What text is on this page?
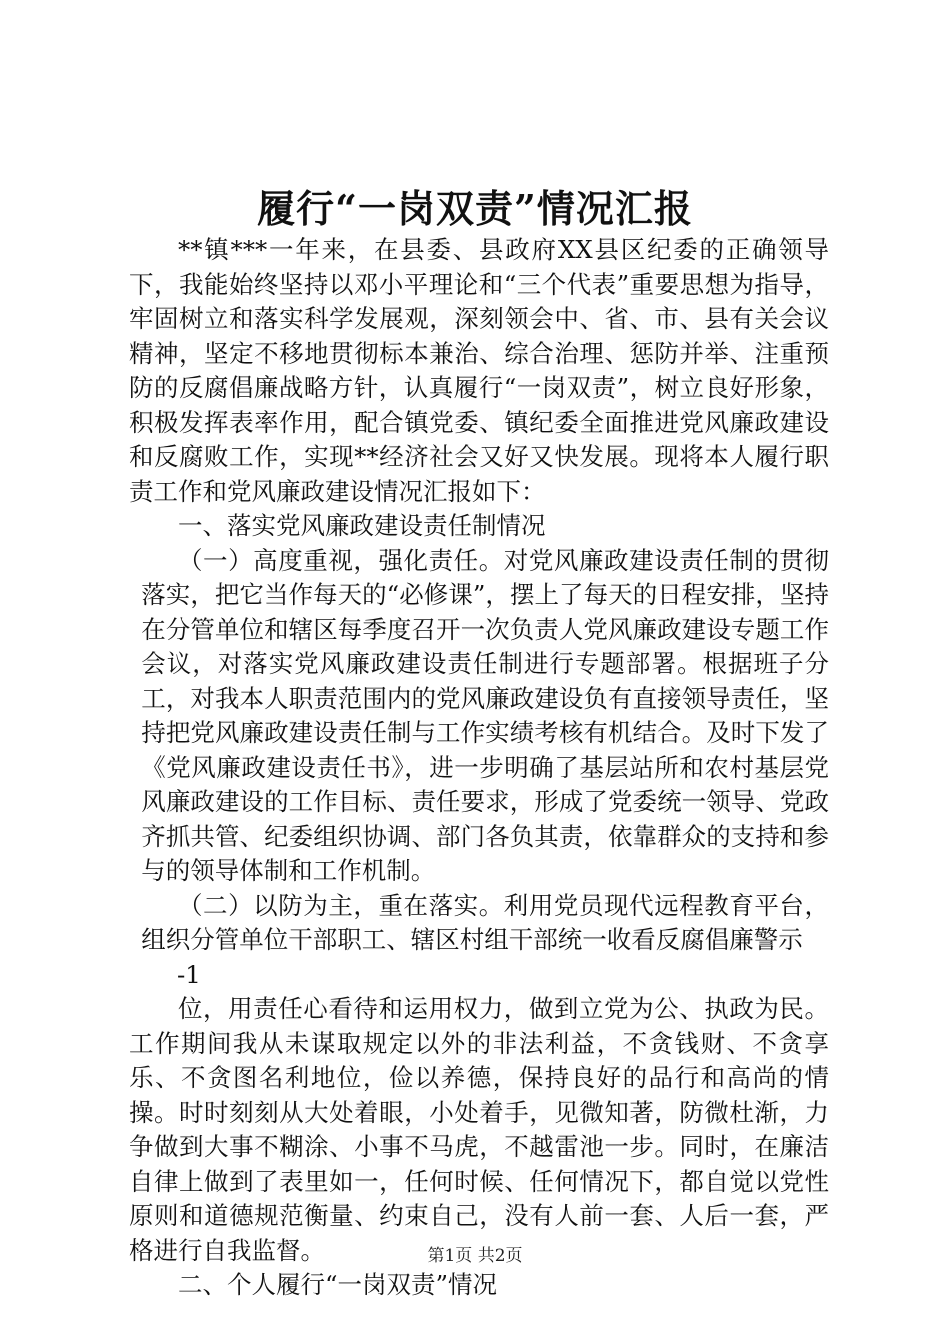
履行“一岗双责”情况汇报

**镇***一年来，在县委、县政府XX县区纪委的正确领导下，我能始终坚持以邓小平理论和“三个代表”重要思想为指导，牢固树立和落实科学发展观，深刻领会中、省、市、县有关会议精神，坚定不移地贯彻标本兼治、综合治理、惩防并举、注重预防的反腐倡廉战略方针，认真履行“一岗双责”，树立良好形象，积极发挥表率作用，配合镇党委、镇纪委全面推进党风廉政建设和反腐败工作，实现**经济社会又好又快发展。现将本人履行职责工作和党风廉政建设情况汇报如下：

一、落实党风廉政建设责任制情况

（一）高度重视，强化责任。对党风廉政建设责任制的贯彻落实，把它当作每天的“必修课”，摆上了每天的日程安排，坚持在分管单位和辖区每季度召开一次负责人党风廉政建设专题工作会议，对落实党风廉政建设责任制进行专题部署。根据班子分工，对我本人职责范围内的党风廉政建设负有直接领导责任，坚持把党风廉政建设责任制与工作实绩考核有机结合。及时下发了《党风廉政建设责任书》，进一步明确了基层站所和农村基层党风廉政建设的工作目标、责任要求，形成了党委统一领导、党政齐抓共管、纪委组织协调、部门各负其责，依靠群众的支持和参与的领导体制和工作机制。

（二）以防为主，重在落实。利用党员现代远程教育平台，组织分管单位干部职工、辖区村组干部统一收看反腐倡廉警示

-1

位，用责任心看待和运用权力，做到立党为公、执政为民。工作期间我从未谋取规定以外的非法利益，不贪钱财、不贪享乐、不贪图名利地位，俭以养德，保持良好的品行和高尚的情操。时时刻刻从大处着眼，小处着手，见微知著，防微杜渐，力争做到大事不糊涂、小事不马虎，不越雷池一步。同时，在廉洁自律上做到了表里如一，任何时候、任何情况下，都自觉以党性原则和道德规范衡量、约束自己，没有人前一套、人后一套，严格进行自我监督。

二、个人履行“一岗双责”情况

第1页 共2页
